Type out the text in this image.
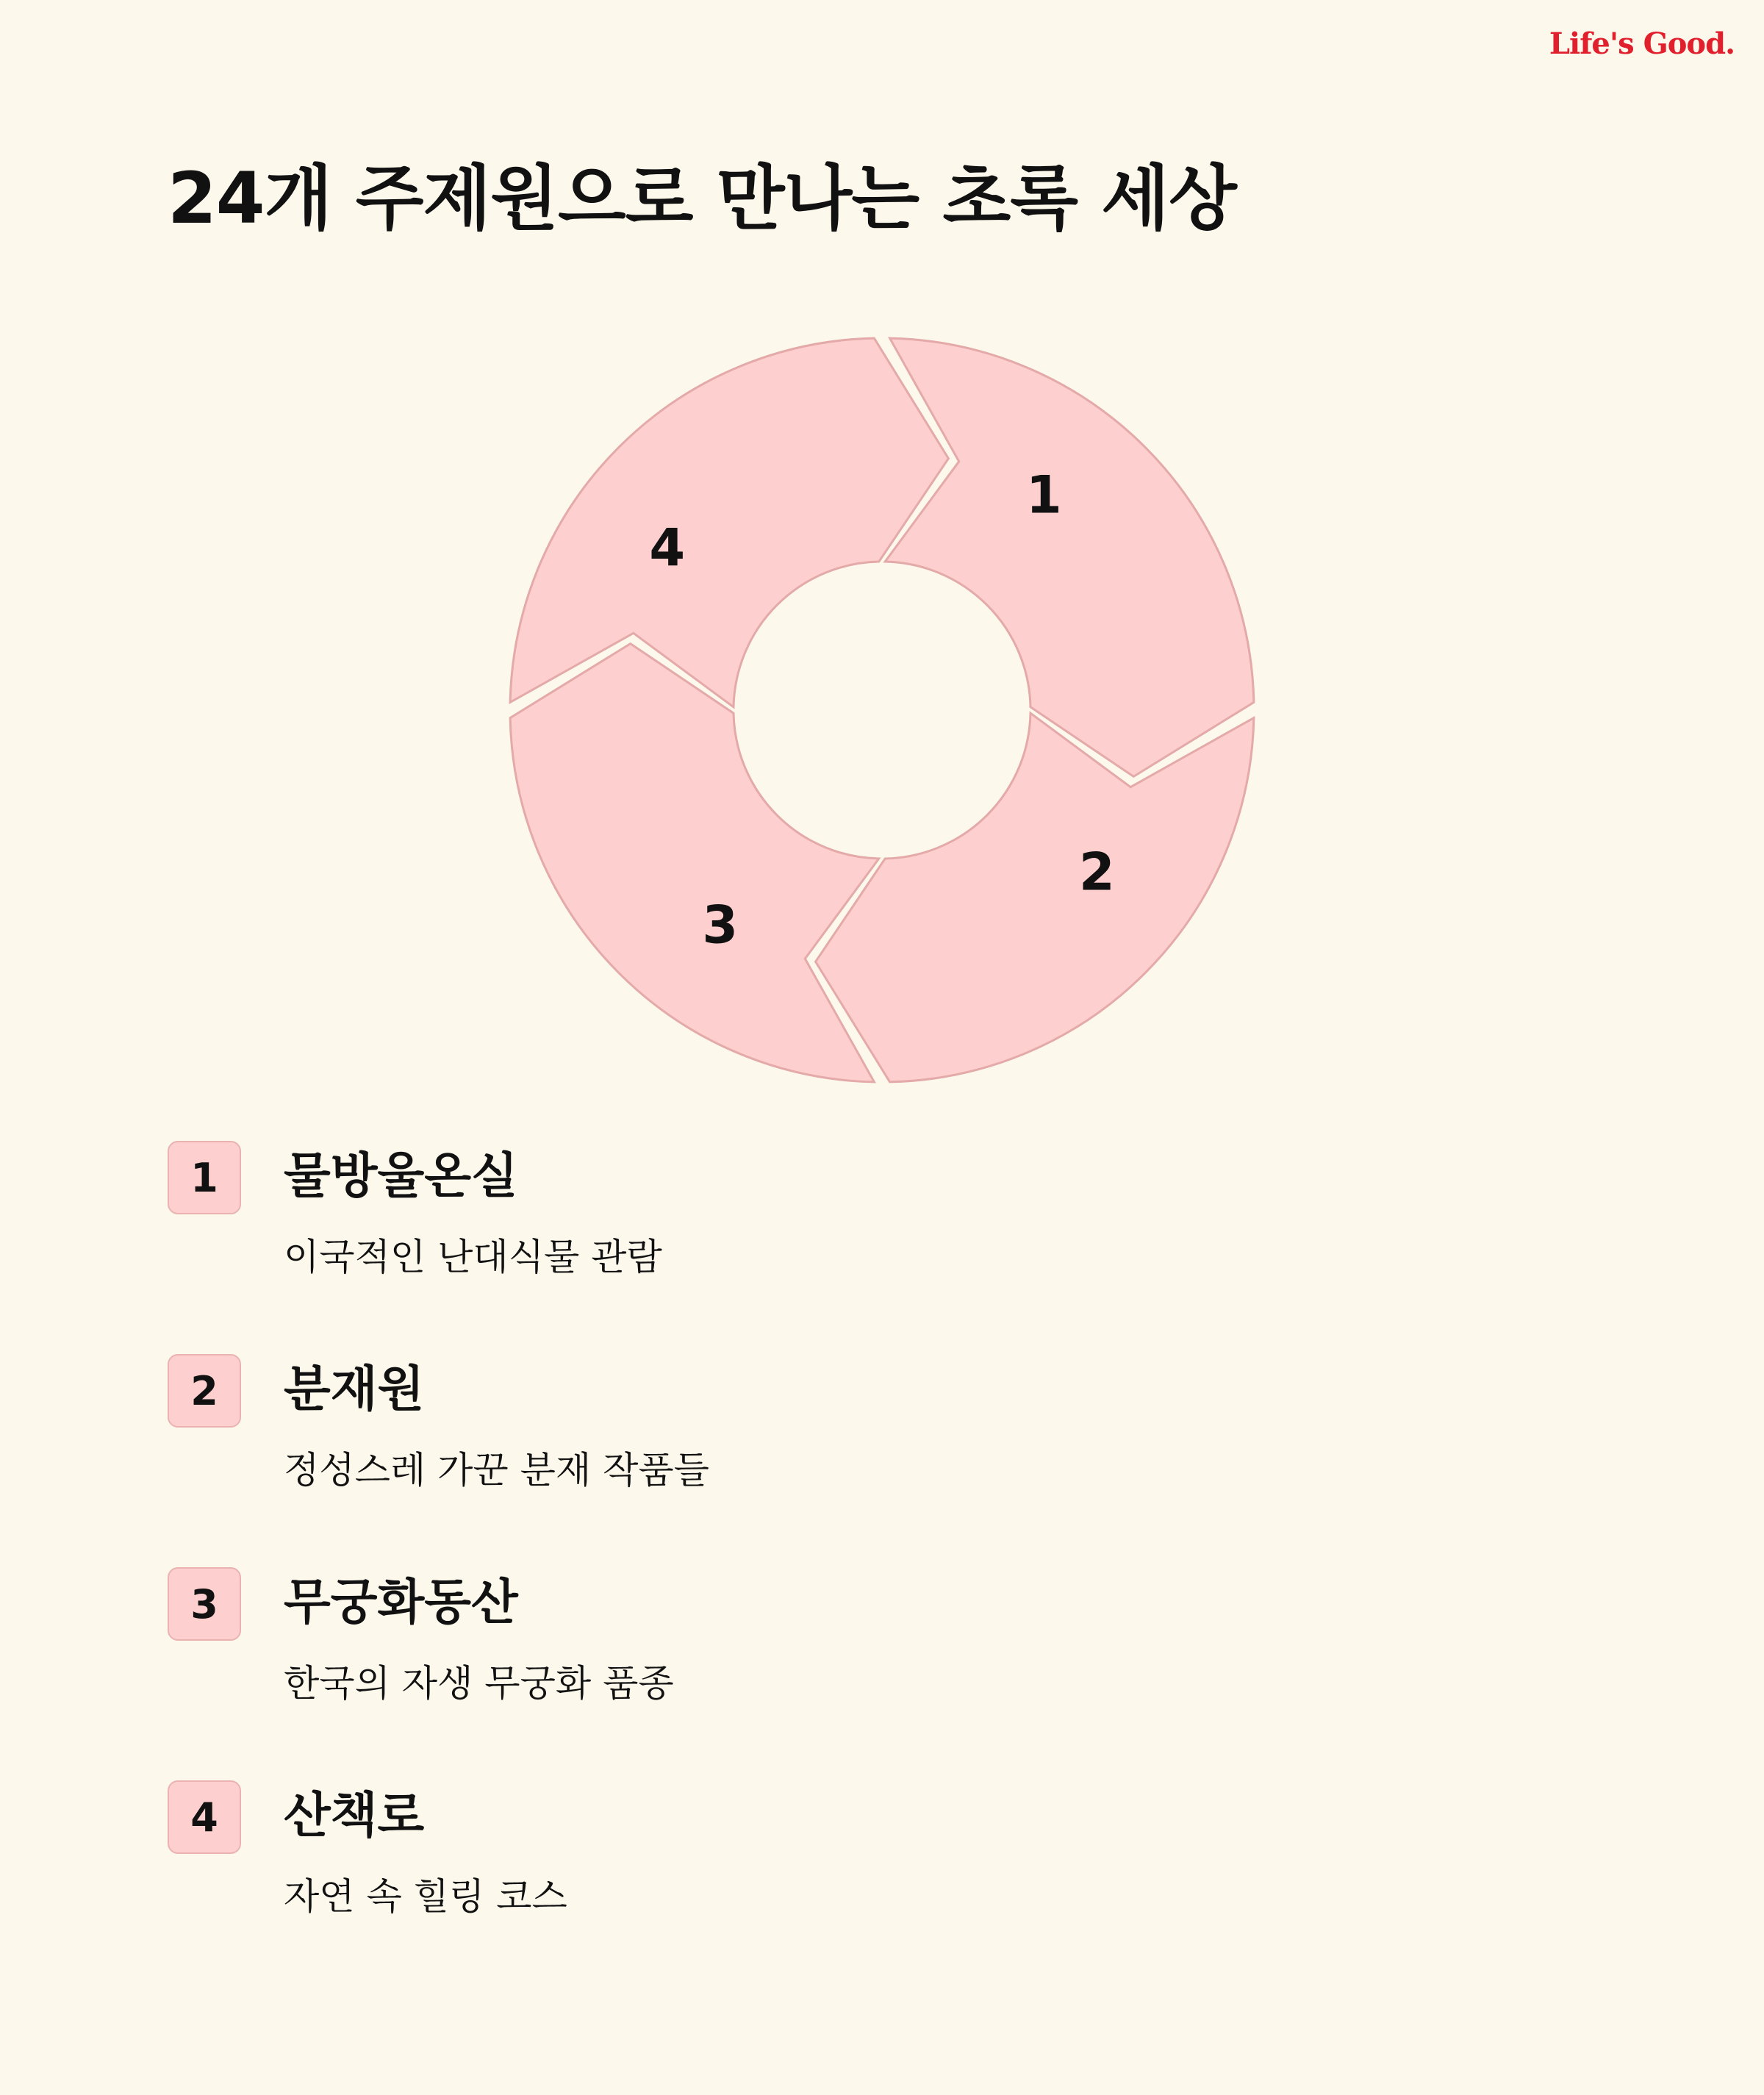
Life's Good.
24개 주제원으로 만나는 초록 세상
1
2
3
4
1	물방울온실
이국적인 난대식물 관람
2	분재원
정성스레 가꾼 분재 작품들
3	무궁화동산
한국의 자생 무궁화 품종
4	산책로
자연 속 힐링 코스
